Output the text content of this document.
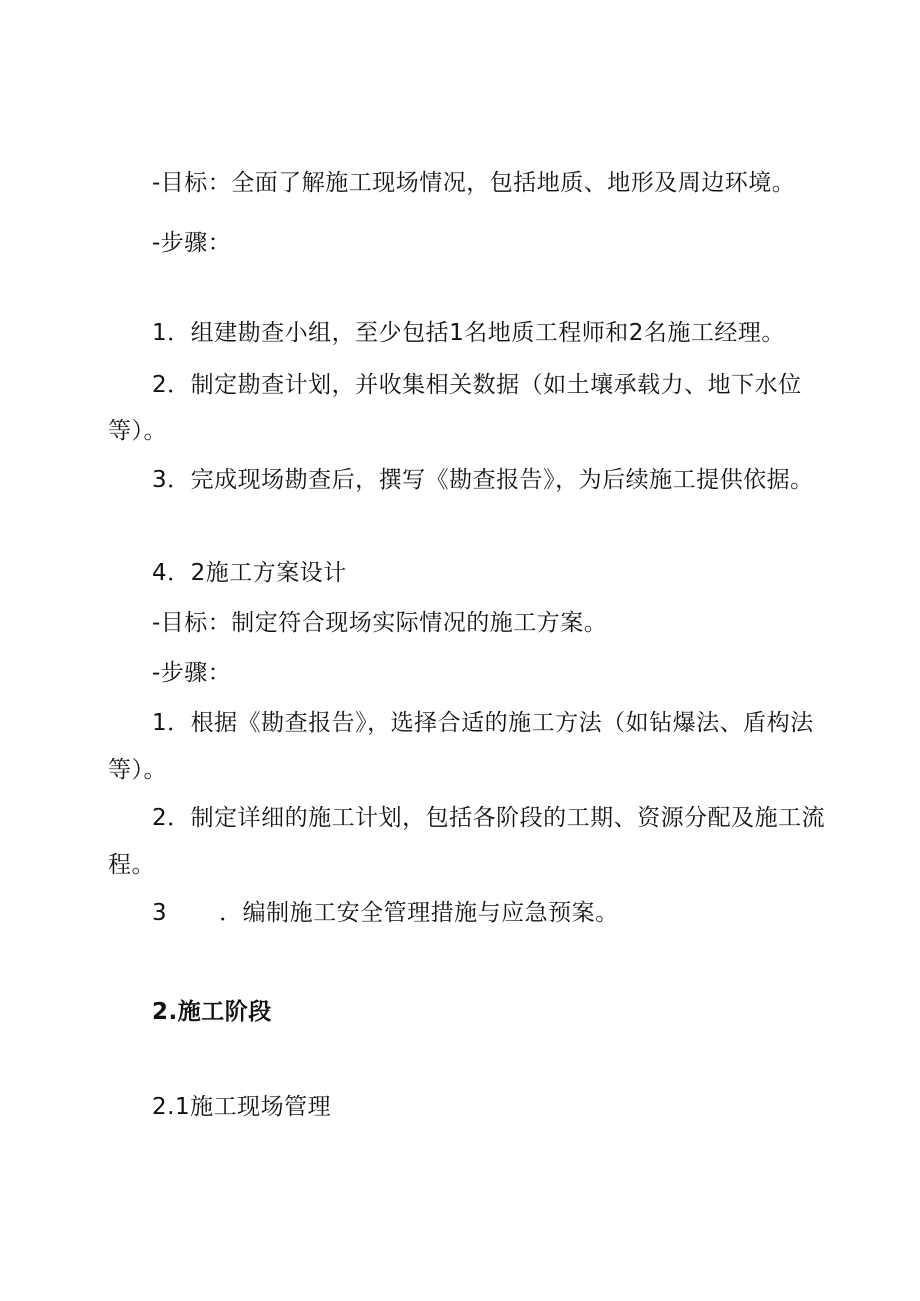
-目标：全面了解施工现场情况，包括地质、地形及周边环境。
-步骤：
1．组建勘查小组，至少包括1名地质工程师和2名施工经理。
2．制定勘查计划，并收集相关数据（如土壤承载力、地下水位
等）。
3．完成现场勘查后，撰写《勘查报告》，为后续施工提供依据。
4．2施工方案设计
-目标：制定符合现场实际情况的施工方案。
-步骤：
1．根据《勘查报告》，选择合适的施工方法（如钻爆法、盾构法
等）。
2．制定详细的施工计划，包括各阶段的工期、资源分配及施工流
程。
3 ．编制施工安全管理措施与应急预案。
2.施工阶段
2.1施工现场管理
